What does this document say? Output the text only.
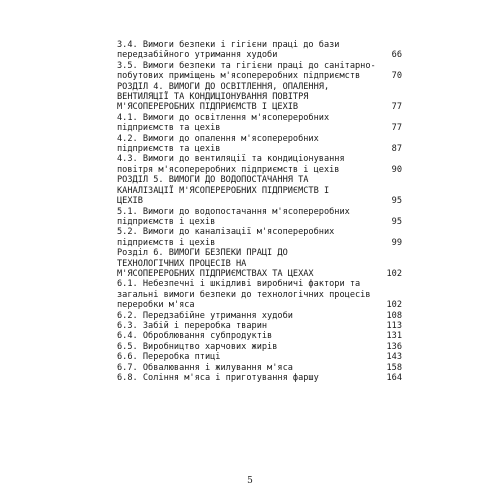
3.4. Вимоги безпеки і гігієни праці до бази
передзабійного утримання худоби	66
3.5. Вимоги безпеки та гігієни праці до санітарно-
побутових приміщень м'ясопереробних підприємств	70
РОЗДІЛ 4. ВИМОГИ ДО ОСВІТЛЕННЯ, ОПАЛЕННЯ,
ВЕНТИЛЯЦІЇ ТА КОНДИЦІОНУВАННЯ ПОВІТРЯ
М'ЯСОПЕРЕРОБНИХ ПІДПРИЄМСТВ І ЦЕХІВ	77
4.1. Вимоги до освітлення м'ясопереробних
підприємств та цехів	77
4.2. Вимоги до опалення м'ясопереробних
підприємств та цехів	87
4.3. Вимоги до вентиляції та кондиціонування
повітря м'ясопереробних підприємств і цехів	90
РОЗДІЛ 5. ВИМОГИ ДО ВОДОПОСТАЧАННЯ ТА
КАНАЛІЗАЦІЇ М'ЯСОПЕРЕРОБНИХ ПІДПРИЄМСТВ І
ЦЕХІВ	95
5.1. Вимоги до водопостачання м'ясопереробних
підприємств і цехів	95
5.2. Вимоги до каналізації м'ясопереробних
підприємств і цехів	99
Розділ 6. ВИМОГИ БЕЗПЕКИ ПРАЦІ ДО
ТЕХНОЛОГІЧНИХ ПРОЦЕСІВ НА
М'ЯСОПЕРЕРОБНИХ ПІДПРИЄМСТВАХ ТА ЦЕХАХ	102
6.1. Небезпечні і шкідливі виробничі фактори та
загальні вимоги безпеки до технологічних процесів
переробки м'яса	102
6.2. Передзабійне утримання худоби	108
6.3. Забій і переробка тварин	113
6.4. Оброблювання субпродуктів	131
6.5. Виробництво харчових жирів	136
6.6. Переробка птиці	143
6.7. Обвалювання і жилування м'яса	158
6.8. Соління м'яса і приготування фаршу	164
5
